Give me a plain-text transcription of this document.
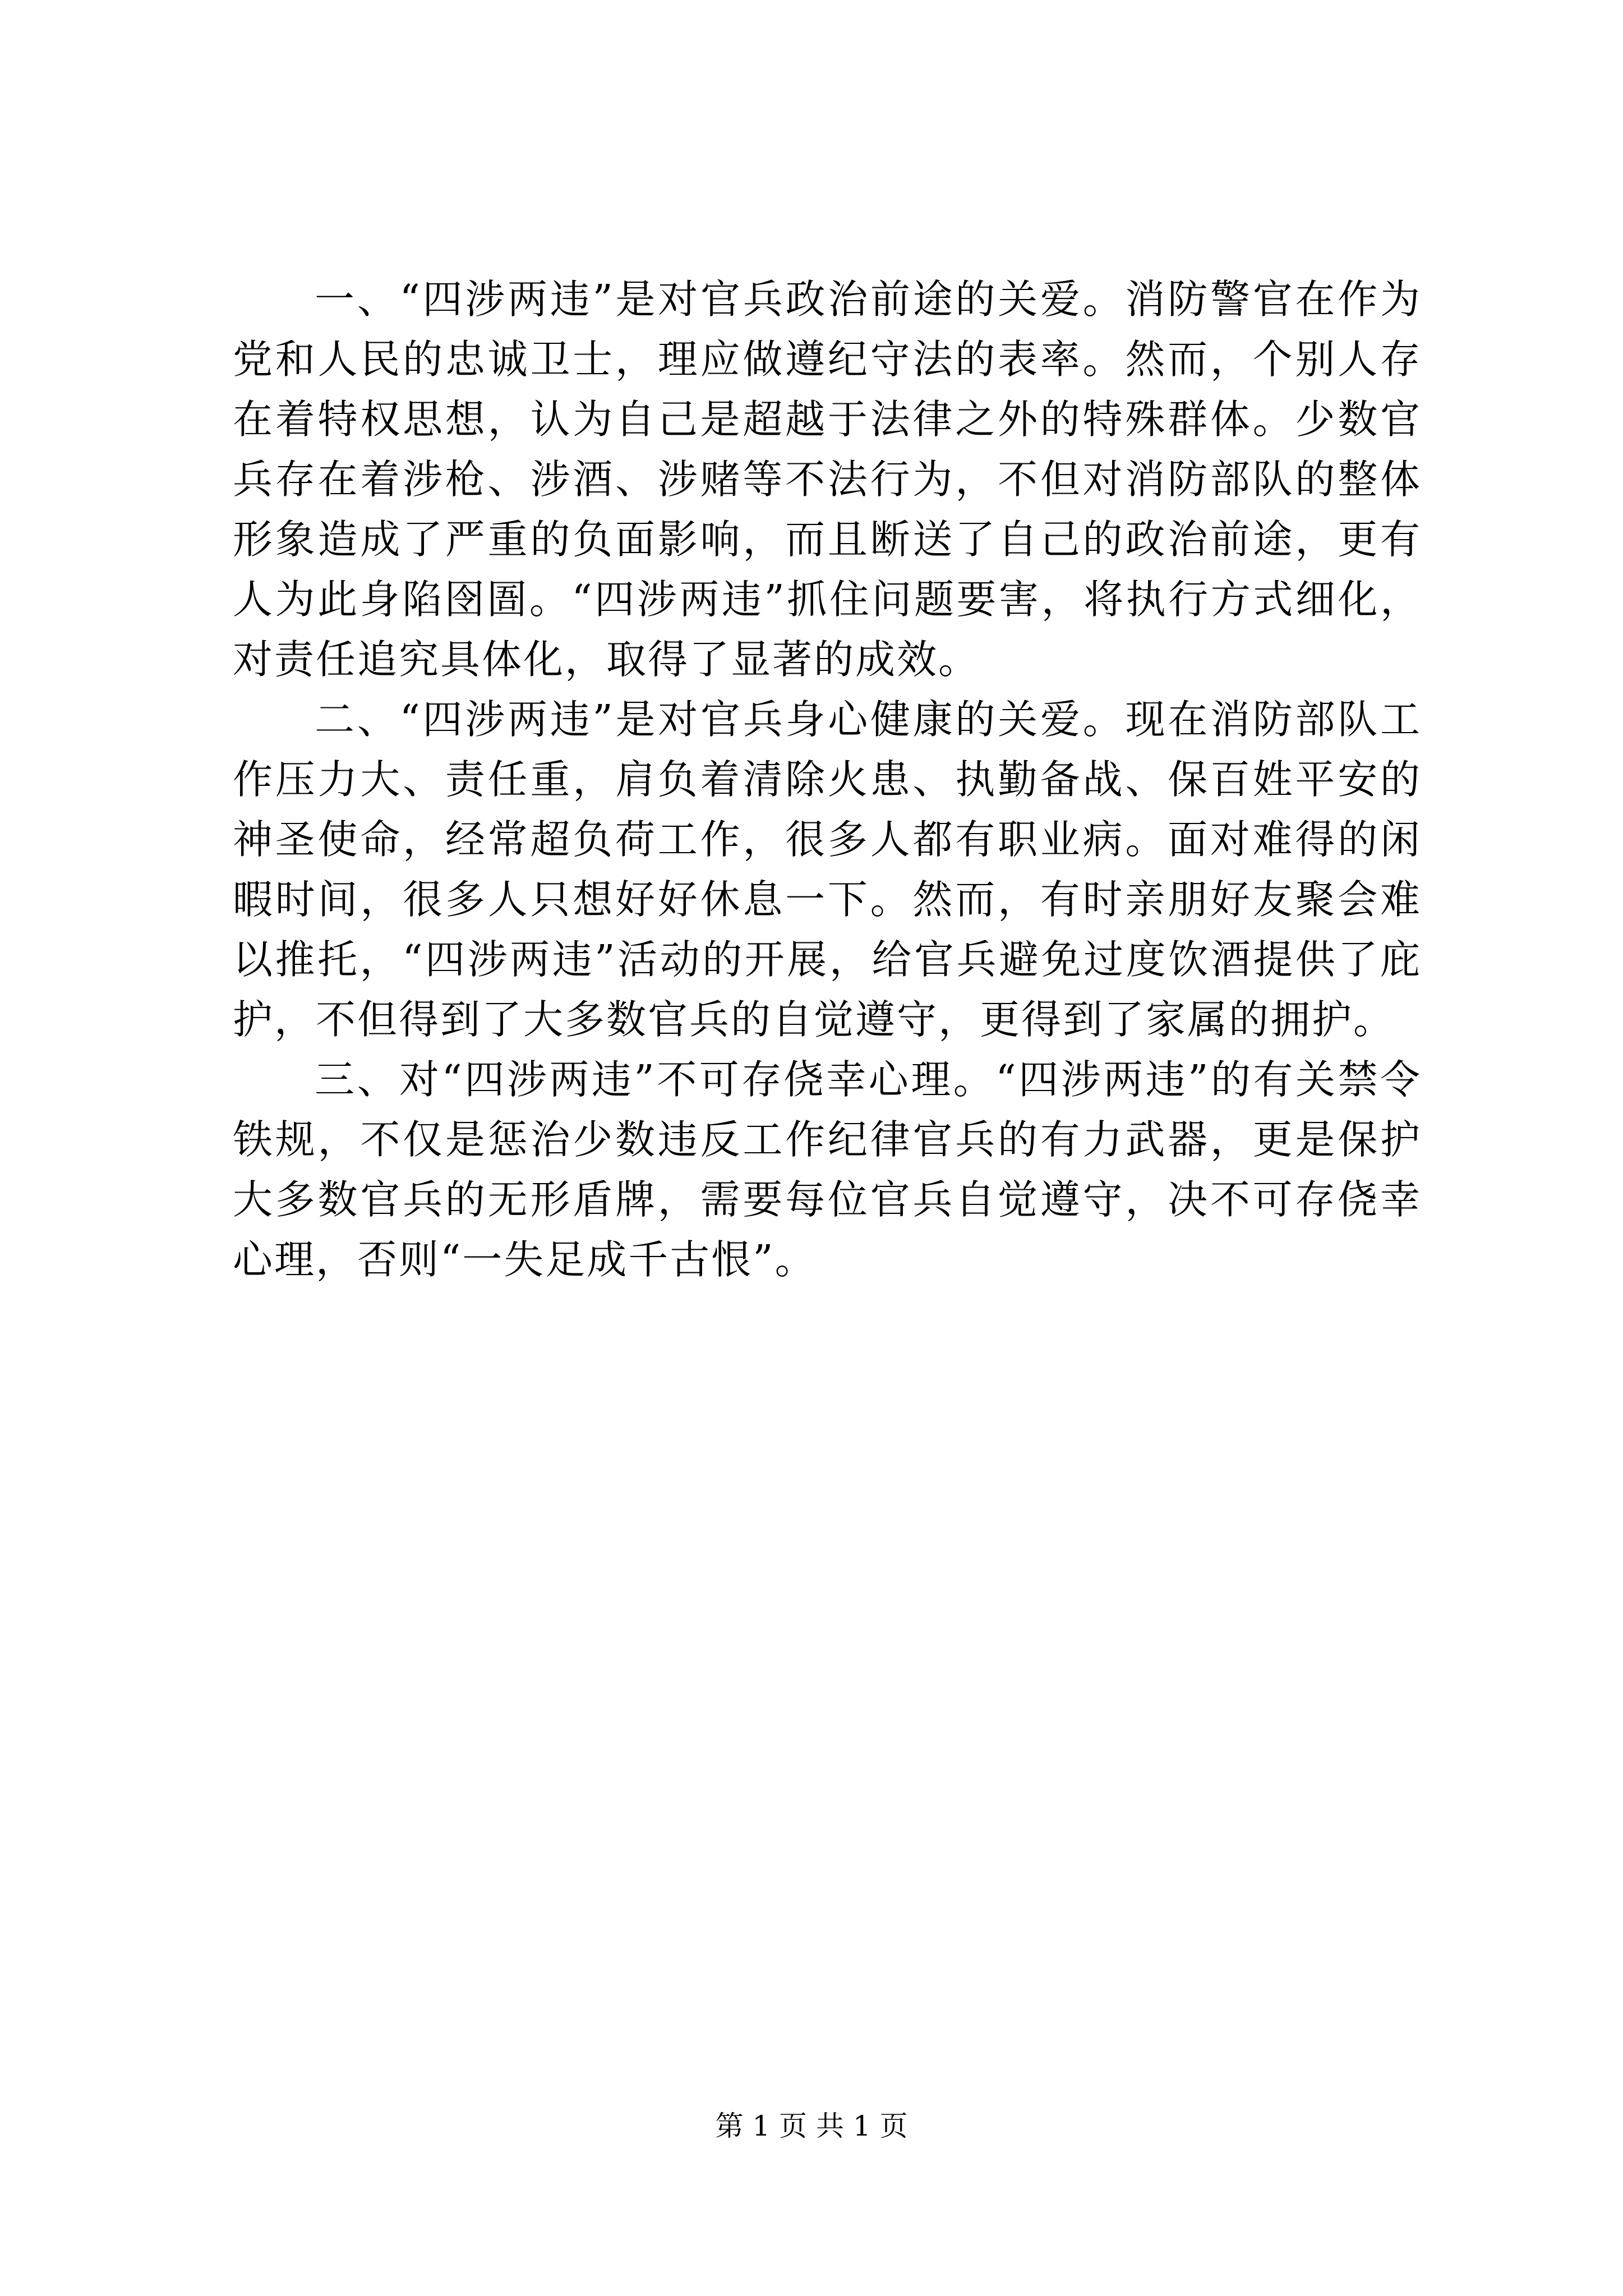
一、“四涉两违”是对官兵政治前途的关爱。消防警官在作为党和人民的忠诚卫士，理应做遵纪守法的表率。然而，个别人存在着特权思想，认为自己是超越于法律之外的特殊群体。少数官兵存在着涉枪、涉酒、涉赌等不法行为，不但对消防部队的整体形象造成了严重的负面影响，而且断送了自己的政治前途，更有人为此身陷囹圄。“四涉两违”抓住问题要害，将执行方式细化，对责任追究具体化，取得了显著的成效。

二、“四涉两违”是对官兵身心健康的关爱。现在消防部队工作压力大、责任重，肩负着清除火患、执勤备战、保百姓平安的神圣使命，经常超负荷工作，很多人都有职业病。面对难得的闲暇时间，很多人只想好好休息一下。然而，有时亲朋好友聚会难以推托，“四涉两违”活动的开展，给官兵避免过度饮酒提供了庇护，不但得到了大多数官兵的自觉遵守，更得到了家属的拥护。

三、对“四涉两违”不可存侥幸心理。“四涉两违”的有关禁令铁规，不仅是惩治少数违反工作纪律官兵的有力武器，更是保护大多数官兵的无形盾牌，需要每位官兵自觉遵守，决不可存侥幸心理，否则“一失足成千古恨”。

第 1 页 共 1 页
